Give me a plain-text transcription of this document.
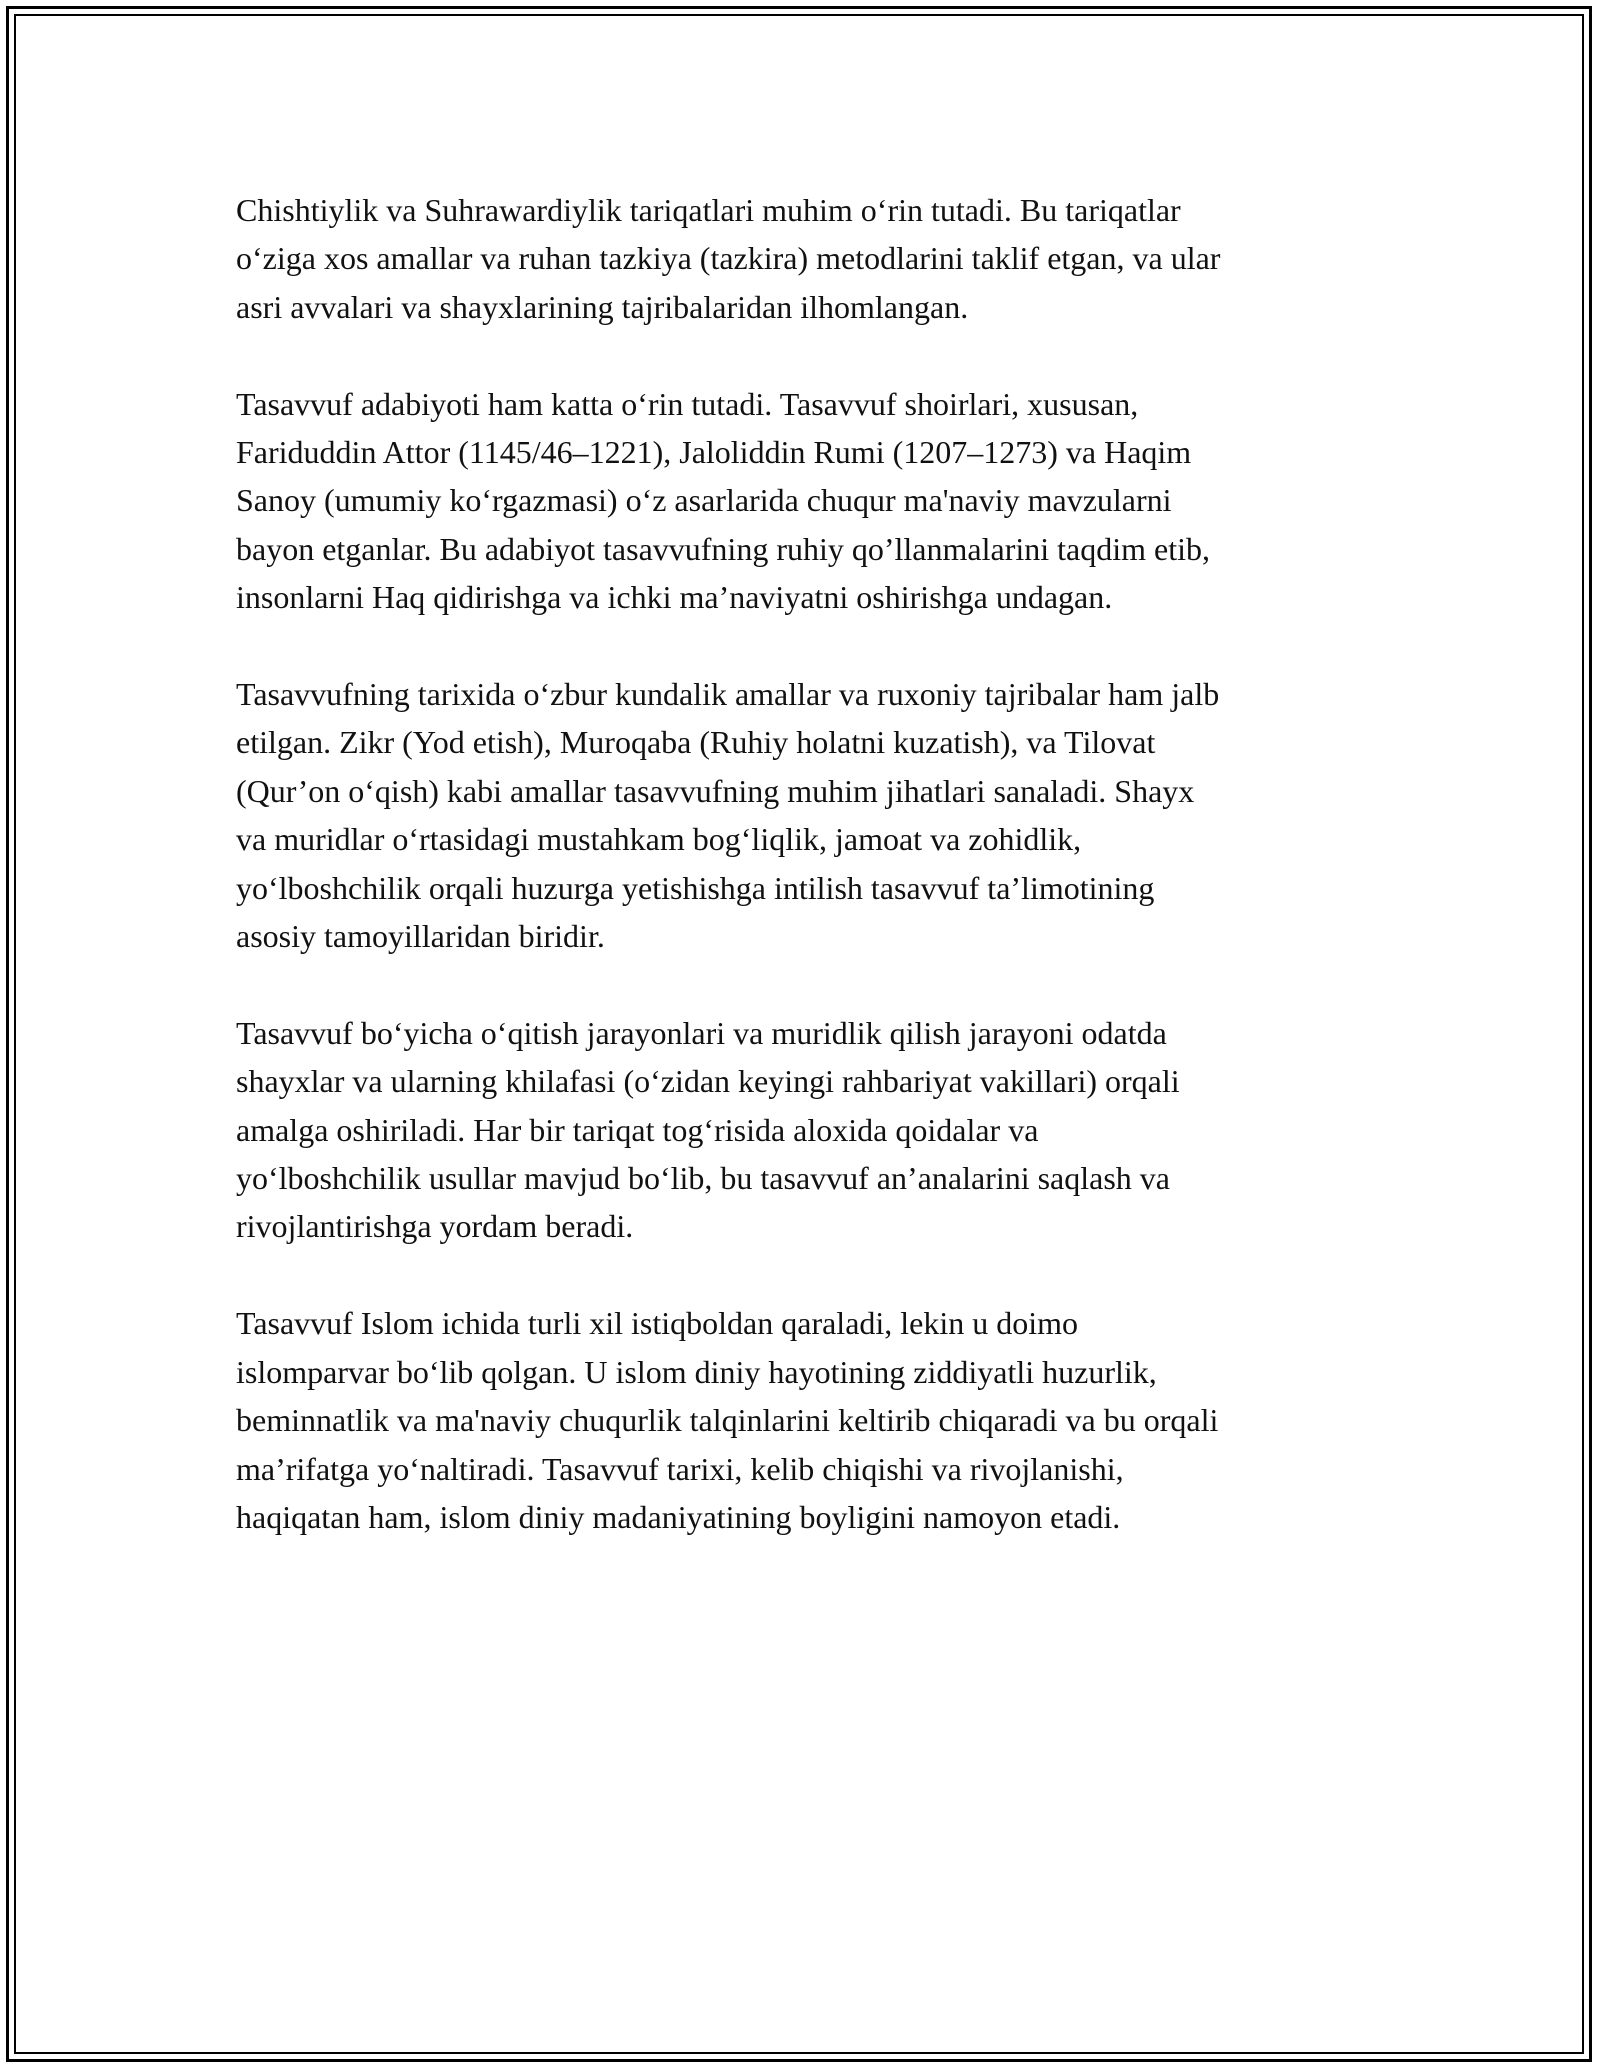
Chishtiylik va Suhrawardiylik tariqatlari muhim o‘rin tutadi. Bu tariqatlar
o‘ziga xos amallar va ruhan tazkiya (tazkira) metodlarini taklif etgan, va ular
asri avvalari va shayxlarining tajribalaridan ilhomlangan.

Tasavvuf adabiyoti ham katta o‘rin tutadi. Tasavvuf shoirlari, xususan,
Fariduddin Attor (1145/46–1221), Jaloliddin Rumi (1207–1273) va Haqim
Sanoy (umumiy ko‘rgazmasi) o‘z asarlarida chuqur ma'naviy mavzularni
bayon etganlar. Bu adabiyot tasavvufning ruhiy qo’llanmalarini taqdim etib,
insonlarni Haq qidirishga va ichki ma’naviyatni oshirishga undagan.

Tasavvufning tarixida o‘zbur kundalik amallar va ruxoniy tajribalar ham jalb
etilgan. Zikr (Yod etish), Muroqaba (Ruhiy holatni kuzatish), va Tilovat
(Qur’on o‘qish) kabi amallar tasavvufning muhim jihatlari sanaladi. Shayx
va muridlar o‘rtasidagi mustahkam bog‘liqlik, jamoat va zohidlik,
yo‘lboshchilik orqali huzurga yetishishga intilish tasavvuf ta’limotining
asosiy tamoyillaridan biridir.

Tasavvuf bo‘yicha o‘qitish jarayonlari va muridlik qilish jarayoni odatda
shayxlar va ularning khilafasi (o‘zidan keyingi rahbariyat vakillari) orqali
amalga oshiriladi. Har bir tariqat tog‘risida aloxida qoidalar va
yo‘lboshchilik usullar mavjud bo‘lib, bu tasavvuf an’analarini saqlash va
rivojlantirishga yordam beradi.

Tasavvuf Islom ichida turli xil istiqboldan qaraladi, lekin u doimo
islomparvar bo‘lib qolgan. U islom diniy hayotining ziddiyatli huzurlik,
beminnatlik va ma'naviy chuqurlik talqinlarini keltirib chiqaradi va bu orqali
ma’rifatga yo‘naltiradi. Tasavvuf tarixi, kelib chiqishi va rivojlanishi,
haqiqatan ham, islom diniy madaniyatining boyligini namoyon etadi.
